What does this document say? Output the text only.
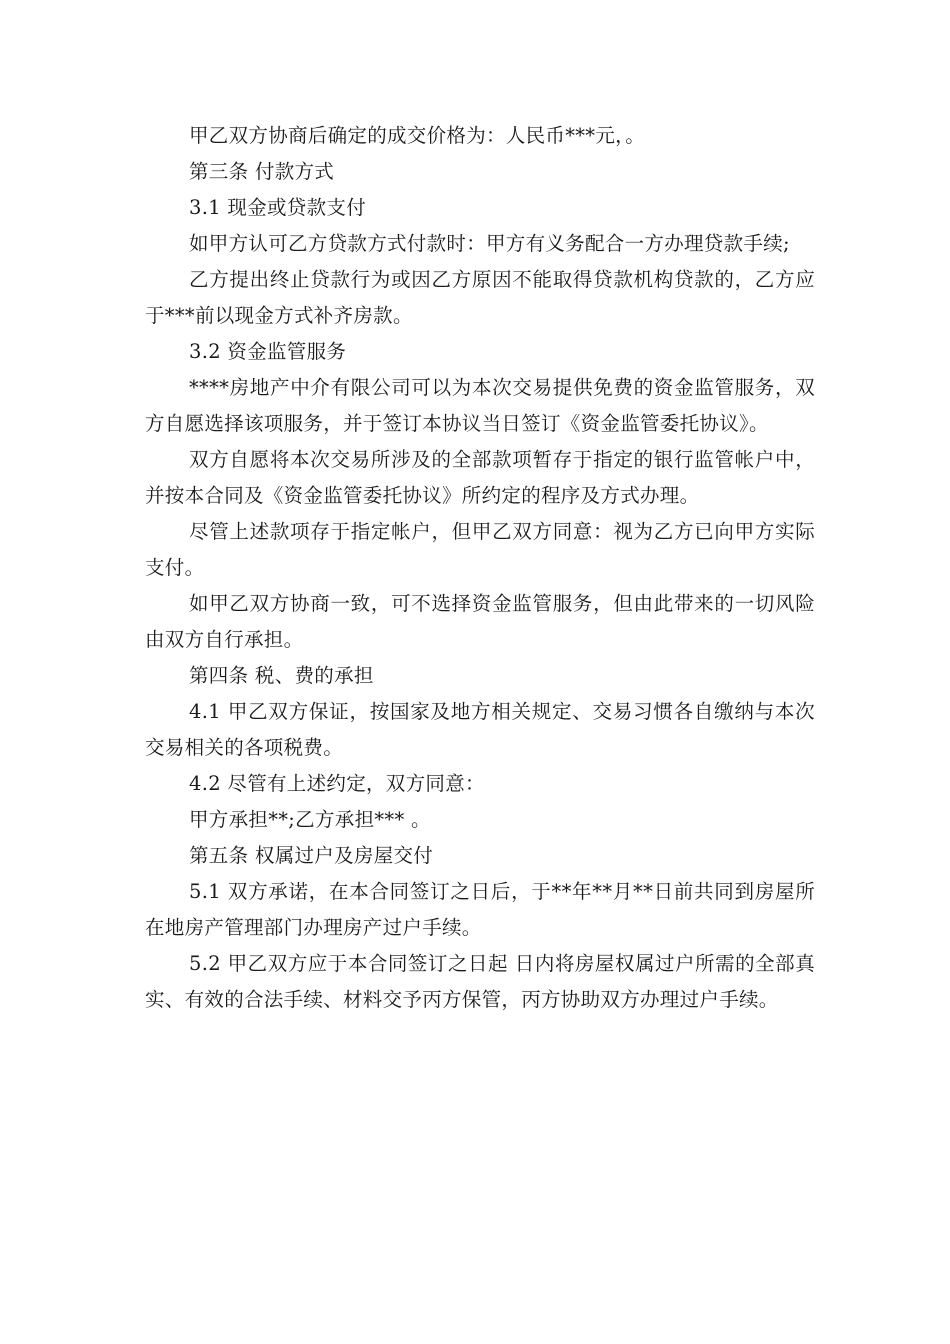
甲乙双方协商后确定的成交价格为：人民币***元，。

第三条 付款方式

3.1 现金或贷款支付

如甲方认可乙方贷款方式付款时：甲方有义务配合一方办理贷款手续;

乙方提出终止贷款行为或因乙方原因不能取得贷款机构贷款的，乙方应于***前以现金方式补齐房款。

3.2 资金监管服务

****房地产中介有限公司可以为本次交易提供免费的资金监管服务，双方自愿选择该项服务，并于签订本协议当日签订《资金监管委托协议》。

双方自愿将本次交易所涉及的全部款项暂存于指定的银行监管帐户中，并按本合同及《资金监管委托协议》所约定的程序及方式办理。

尽管上述款项存于指定帐户，但甲乙双方同意：视为乙方已向甲方实际支付。

如甲乙双方协商一致，可不选择资金监管服务，但由此带来的一切风险由双方自行承担。

第四条 税、费的承担

4.1 甲乙双方保证，按国家及地方相关规定、交易习惯各自缴纳与本次交易相关的各项税费。

4.2 尽管有上述约定，双方同意：

甲方承担**;乙方承担*** 。

第五条 权属过户及房屋交付

5.1 双方承诺，在本合同签订之日后，于**年**月**日前共同到房屋所在地房产管理部门办理房产过户手续。

5.2 甲乙双方应于本合同签订之日起 日内将房屋权属过户所需的全部真实、有效的合法手续、材料交予丙方保管，丙方协助双方办理过户手续。
